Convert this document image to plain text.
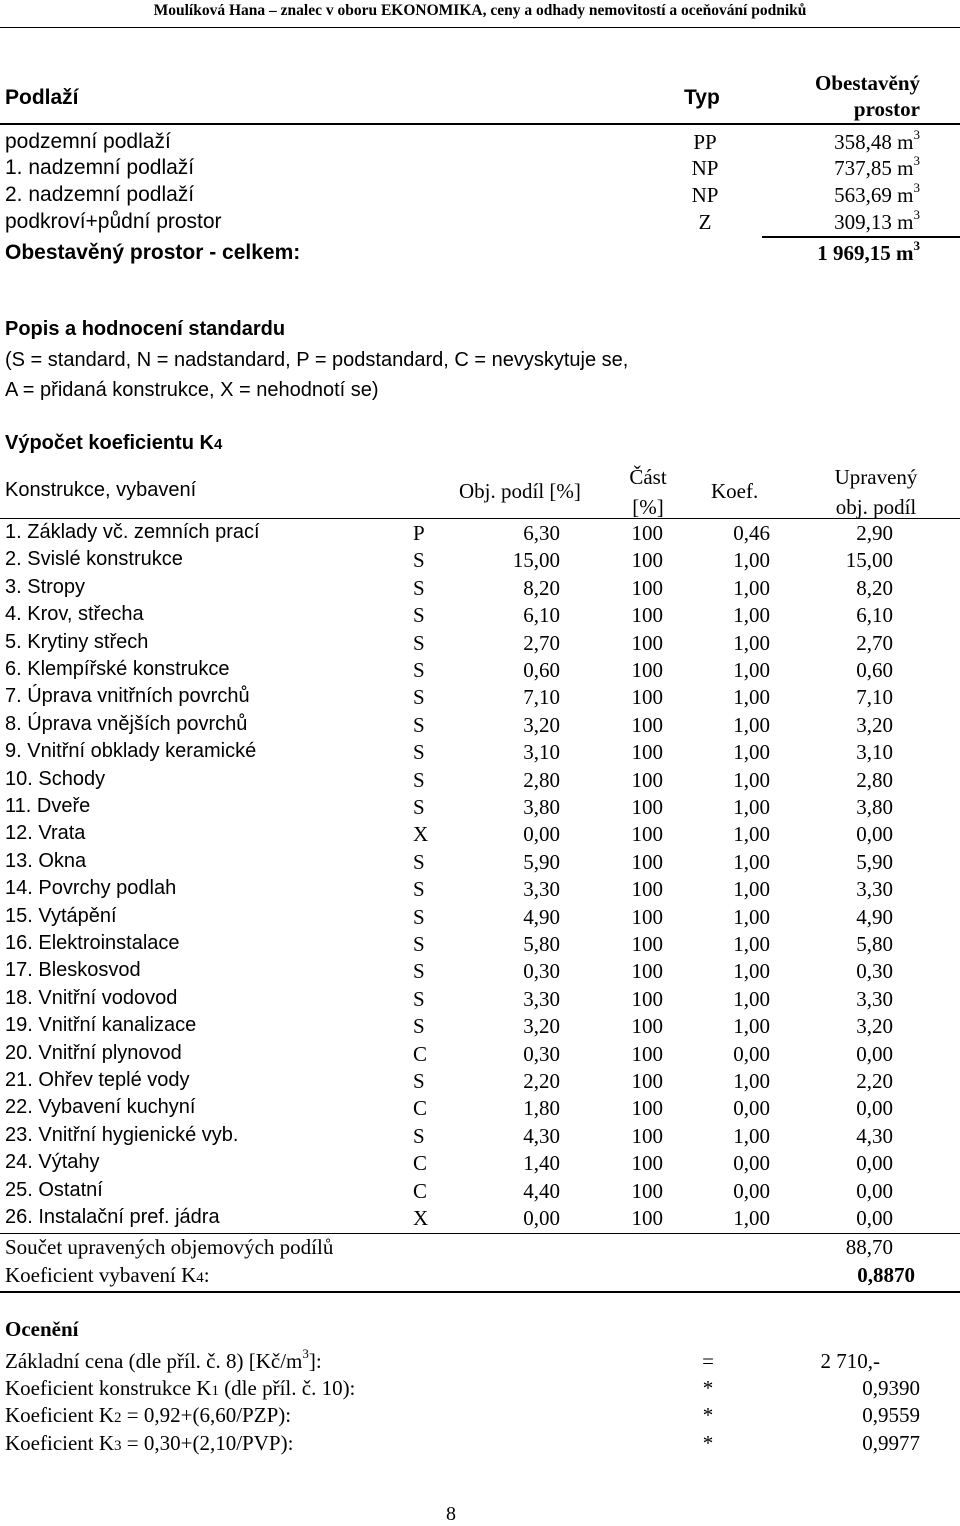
Moulíková Hana – znalec v oboru EKONOMIKA, ceny a odhady nemovitostí a oceňování podniků
Podlaží	Typ
Obestavěný
prostor
podzemní podlaží	PP	358,48 $m^3$
1. nadzemní podlaží	NP	737,85 $m^3$
2. nadzemní podlaží	NP	563,69 $m^3$
podkroví+půdní prostor	Z	309,13 $m^3$
Obestavěný prostor - celkem:	1 969,15 $m^3$
Popis a hodnocení standardu
(S = standard, N = nadstandard, P = podstandard, C = nevyskytuje se,
A = přidaná konstrukce, X = nehodnotí se)
Výpočet koeficientu K4
Konstrukce, vybavení	Obj. podíl [%]
Část
[%]
Koef.
Upravený
obj. podíl
1. Základy vč. zemních prací	P	6,30	100	0,46	2,90
2. Svislé konstrukce	S	15,00	100	1,00	15,00
3. Stropy	S	8,20	100	1,00	8,20
4. Krov, střecha	S	6,10	100	1,00	6,10
5. Krytiny střech	S	2,70	100	1,00	2,70
6. Klempířské konstrukce	S	0,60	100	1,00	0,60
7. Úprava vnitřních povrchů	S	7,10	100	1,00	7,10
8. Úprava vnějších povrchů	S	3,20	100	1,00	3,20
9. Vnitřní obklady keramické	S	3,10	100	1,00	3,10
10. Schody	S	2,80	100	1,00	2,80
11. Dveře	S	3,80	100	1,00	3,80
12. Vrata	X	0,00	100	1,00	0,00
13. Okna	S	5,90	100	1,00	5,90
14. Povrchy podlah	S	3,30	100	1,00	3,30
15. Vytápění	S	4,90	100	1,00	4,90
16. Elektroinstalace	S	5,80	100	1,00	5,80
17. Bleskosvod	S	0,30	100	1,00	0,30
18. Vnitřní vodovod	S	3,30	100	1,00	3,30
19. Vnitřní kanalizace	S	3,20	100	1,00	3,20
20. Vnitřní plynovod	C	0,30	100	0,00	0,00
21. Ohřev teplé vody	S	2,20	100	1,00	2,20
22. Vybavení kuchyní	C	1,80	100	0,00	0,00
23. Vnitřní hygienické vyb.	S	4,30	100	1,00	4,30
24. Výtahy	C	1,40	100	0,00	0,00
25. Ostatní	C	4,40	100	0,00	0,00
26. Instalační pref. jádra	X	0,00	100	1,00	0,00
Součet upravených objemových podílů	88,70
Koeficient vybavení K4:	0,8870
Ocenění
Základní cena (dle příl. č. 8) $[Kč/m^3]$:	=	2 710,-
Koeficient konstrukce K1 (dle příl. č. 10):	*	0,9390
Koeficient K2 = 0,92+(6,60/PZP):	*	0,9559
Koeficient K3 = 0,30+(2,10/PVP):	*	0,9977
8
